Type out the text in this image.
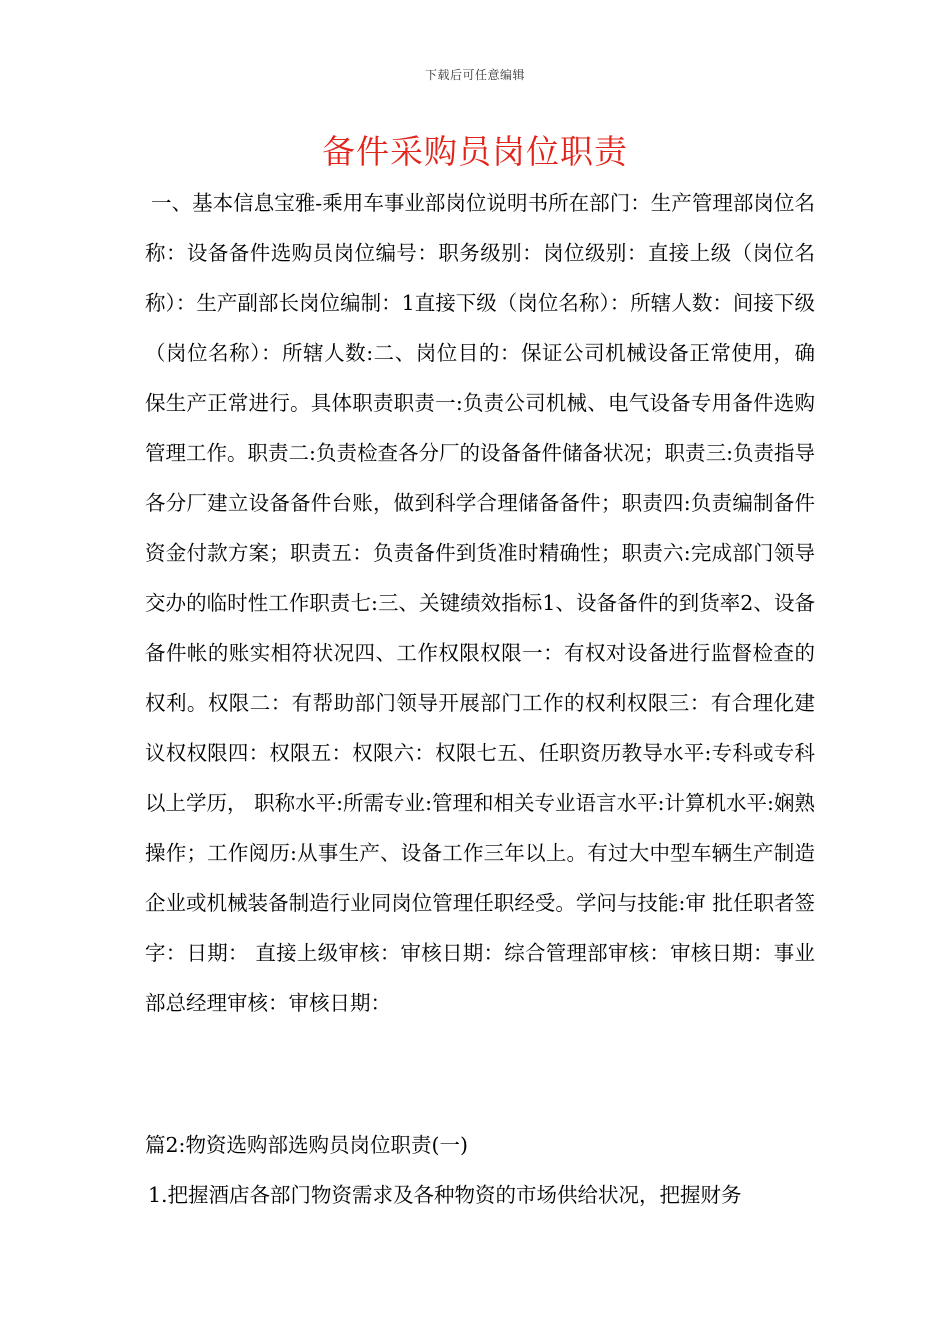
下载后可任意编辑
备件采购员岗位职责

一、基本信息宝雅-乘用车事业部岗位说明书所在部门：生产管理部岗位名称：设备备件选购员岗位编号：职务级别：岗位级别：直接上级（岗位名称）：生产副部长岗位编制：1直接下级（岗位名称）：所辖人数：间接下级（岗位名称）：所辖人数:二、岗位目的：保证公司机械设备正常使用，确保生产正常进行。具体职责职责一:负责公司机械、电气设备专用备件选购管理工作。职责二:负责检查各分厂的设备备件储备状况；职责三:负责指导各分厂建立设备备件台账，做到科学合理储备备件；职责四:负责编制备件资金付款方案；职责五：负责备件到货准时精确性；职责六:完成部门领导交办的临时性工作职责七:三、关键绩效指标1、设备备件的到货率2、设备备件帐的账实相符状况四、工作权限权限一：有权对设备进行监督检查的权利。权限二：有帮助部门领导开展部门工作的权利权限三：有合理化建议权权限四：权限五：权限六：权限七五、任职资历教导水平:专科或专科以上学历， 职称水平:所需专业:管理和相关专业语言水平:计算机水平:娴熟操作；工作阅历:从事生产、设备工作三年以上。有过大中型车辆生产制造企业或机械装备制造行业同岗位管理任职经受。学问与技能:审 批任职者签字：日期： 直接上级审核：审核日期：综合管理部审核：审核日期：事业部总经理审核：审核日期：

篇2:物资选购部选购员岗位职责(一)

1.把握酒店各部门物资需求及各种物资的市场供给状况，把握财务
